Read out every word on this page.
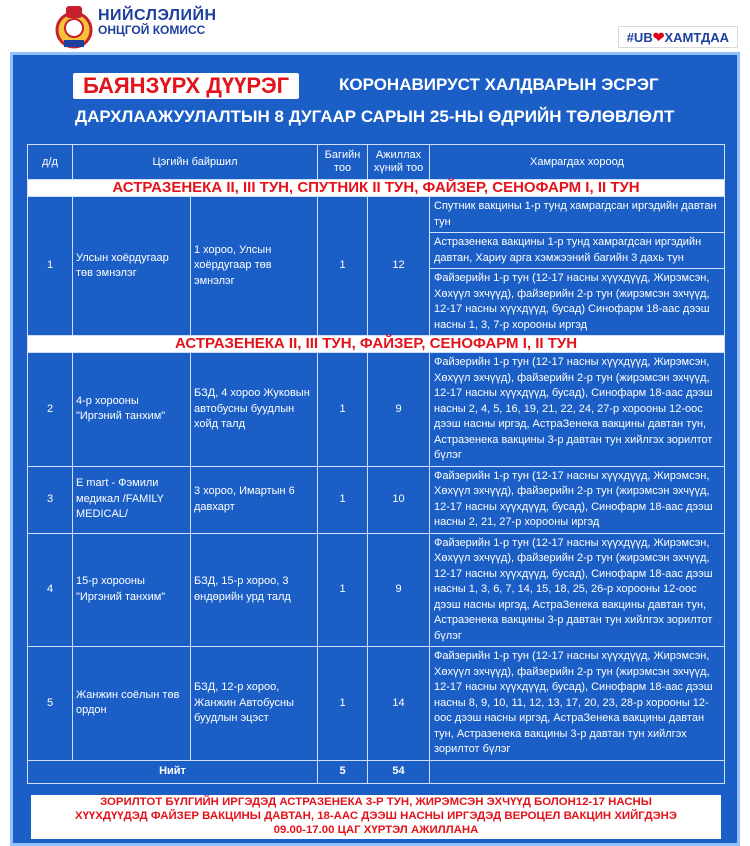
НИЙСЛЭЛИЙН
ОНЦГОЙ КОМИСС	#UB❤ХАМТДАА
БАЯНЗҮРХ ДҮҮРЭГ	КОРОНАВИРУСТ ХАЛДВАРЫН ЭСРЭГ
ДАРХЛААЖУУЛАЛТЫН 8 ДУГААР САРЫН 25-НЫ ӨДРИЙН ТӨЛӨВЛӨЛТ
д/д	Цэгийн байршил		Багийн тоо	Ажиллах хүний тоо	Хамрагдах хороод
АСТРАЗЕНЕКА II, III ТУН, СПУТНИК II ТУН, ФАЙЗЕР, СЕНОФАРМ I, II ТУН					
1	Улсын хоёрдугаар төв эмнэлэг	1 хороо, Улсын хоёрдугаар төв эмнэлэг	1	12	Спутник вакцины 1-р тунд хамрагдсан иргэдийн давтан тун
					Астразенека вакцины 1-р тунд хамрагдсан иргэдийн давтан, Хариу арга хэмжээний багийн 3 дахь тун
					Файзерийн 1-р тун (12-17 насны хүүхдүүд, Жирэмсэн, Хөхүүл эхчүүд), файзерийн 2-р тун (жирэмсэн эхчүүд, 12-17 насны хүүхдүүд, бусад) Синофарм 18-аас дээш насны 1, 3, 7-р хорооны иргэд
АСТРАЗЕНЕКА II, III ТУН, ФАЙЗЕР, СЕНОФАРМ I, II ТУН					
2	4-р хорооны "Иргэний танхим"	БЗД, 4 хороо Жуковын автобусны буудлын хойд талд	1	9	Файзерийн 1-р тун (12-17 насны хүүхдүүд, Жирэмсэн, Хөхүүл эхчүүд), файзерийн 2-р тун (жирэмсэн эхчүүд, 12-17 насны хүүхдүүд, бусад), Синофарм 18-аас дээш насны 2, 4, 5, 16, 19, 21, 22, 24, 27-р хорооны 12-оос дээш насны иргэд, АстраЗенека вакцины давтан тун, Астразенека вакцины 3-р давтан тун хийлгэх зорилтот бүлэг
3	E mart - Фэмили медикал /FAMILY MEDICAL/	3 хороо, Имартын 6 давхарт	1	10	Файзерийн 1-р тун (12-17 насны хүүхдүүд, Жирэмсэн, Хөхүүл эхчүүд), файзерийн 2-р тун (жирэмсэн эхчүүд, 12-17 насны хүүхдүүд, бусад), Синофарм 18-аас дээш насны 2, 21, 27-р хорооны иргэд
4	15-р хорооны "Иргэний танхим"	БЗД, 15-р хороо, 3 өндөрийн урд талд	1	9	Файзерийн 1-р тун (12-17 насны хүүхдүүд, Жирэмсэн, Хөхүүл эхчүүд), файзерийн 2-р тун (жирэмсэн эхчүүд, 12-17 насны хүүхдүүд, бусад), Синофарм 18-аас дээш насны 1, 3, 6, 7, 14, 15, 18, 25, 26-р хорооны 12-оос дээш насны иргэд, АстраЗенека вакцины давтан тун, Астразенека вакцины 3-р давтан тун хийлгэх зорилтот бүлэг
5	Жанжин соёлын төв ордон	БЗД, 12-р хороо, Жанжин Автобусны буудлын эцэст	1	14	Файзерийн 1-р тун (12-17 насны хүүхдүүд, Жирэмсэн, Хөхүүл эхчүүд), файзерийн 2-р тун (жирэмсэн эхчүүд, 12-17 насны хүүхдүүд, бусад), Синофарм 18-аас дээш насны 8, 9, 10, 11, 12, 13, 17, 20, 23, 28-р хорооны 12-оос дээш насны иргэд, АстраЗенека вакцины давтан тун, Астразенека вакцины 3-р давтан тун хийлгэх зорилтот бүлэг
Нийт			5	54	
ЗОРИЛТОТ БҮЛГИЙН ИРГЭДЭД АСТРАЗЕНЕКА 3-Р ТУН, ЖИРЭМСЭН ЭХЧҮҮД БОЛОН12-17 НАСНЫ
ХҮҮХДҮҮДЭД ФАЙЗЕР ВАКЦИНЫ ДАВТАН, 18-ААС ДЭЭШ НАСНЫ ИРГЭДЭД ВЕРОЦЕЛ ВАКЦИН ХИЙГДЭНЭ
09.00-17.00 ЦАГ ХҮРТЭЛ АЖИЛЛАНА
